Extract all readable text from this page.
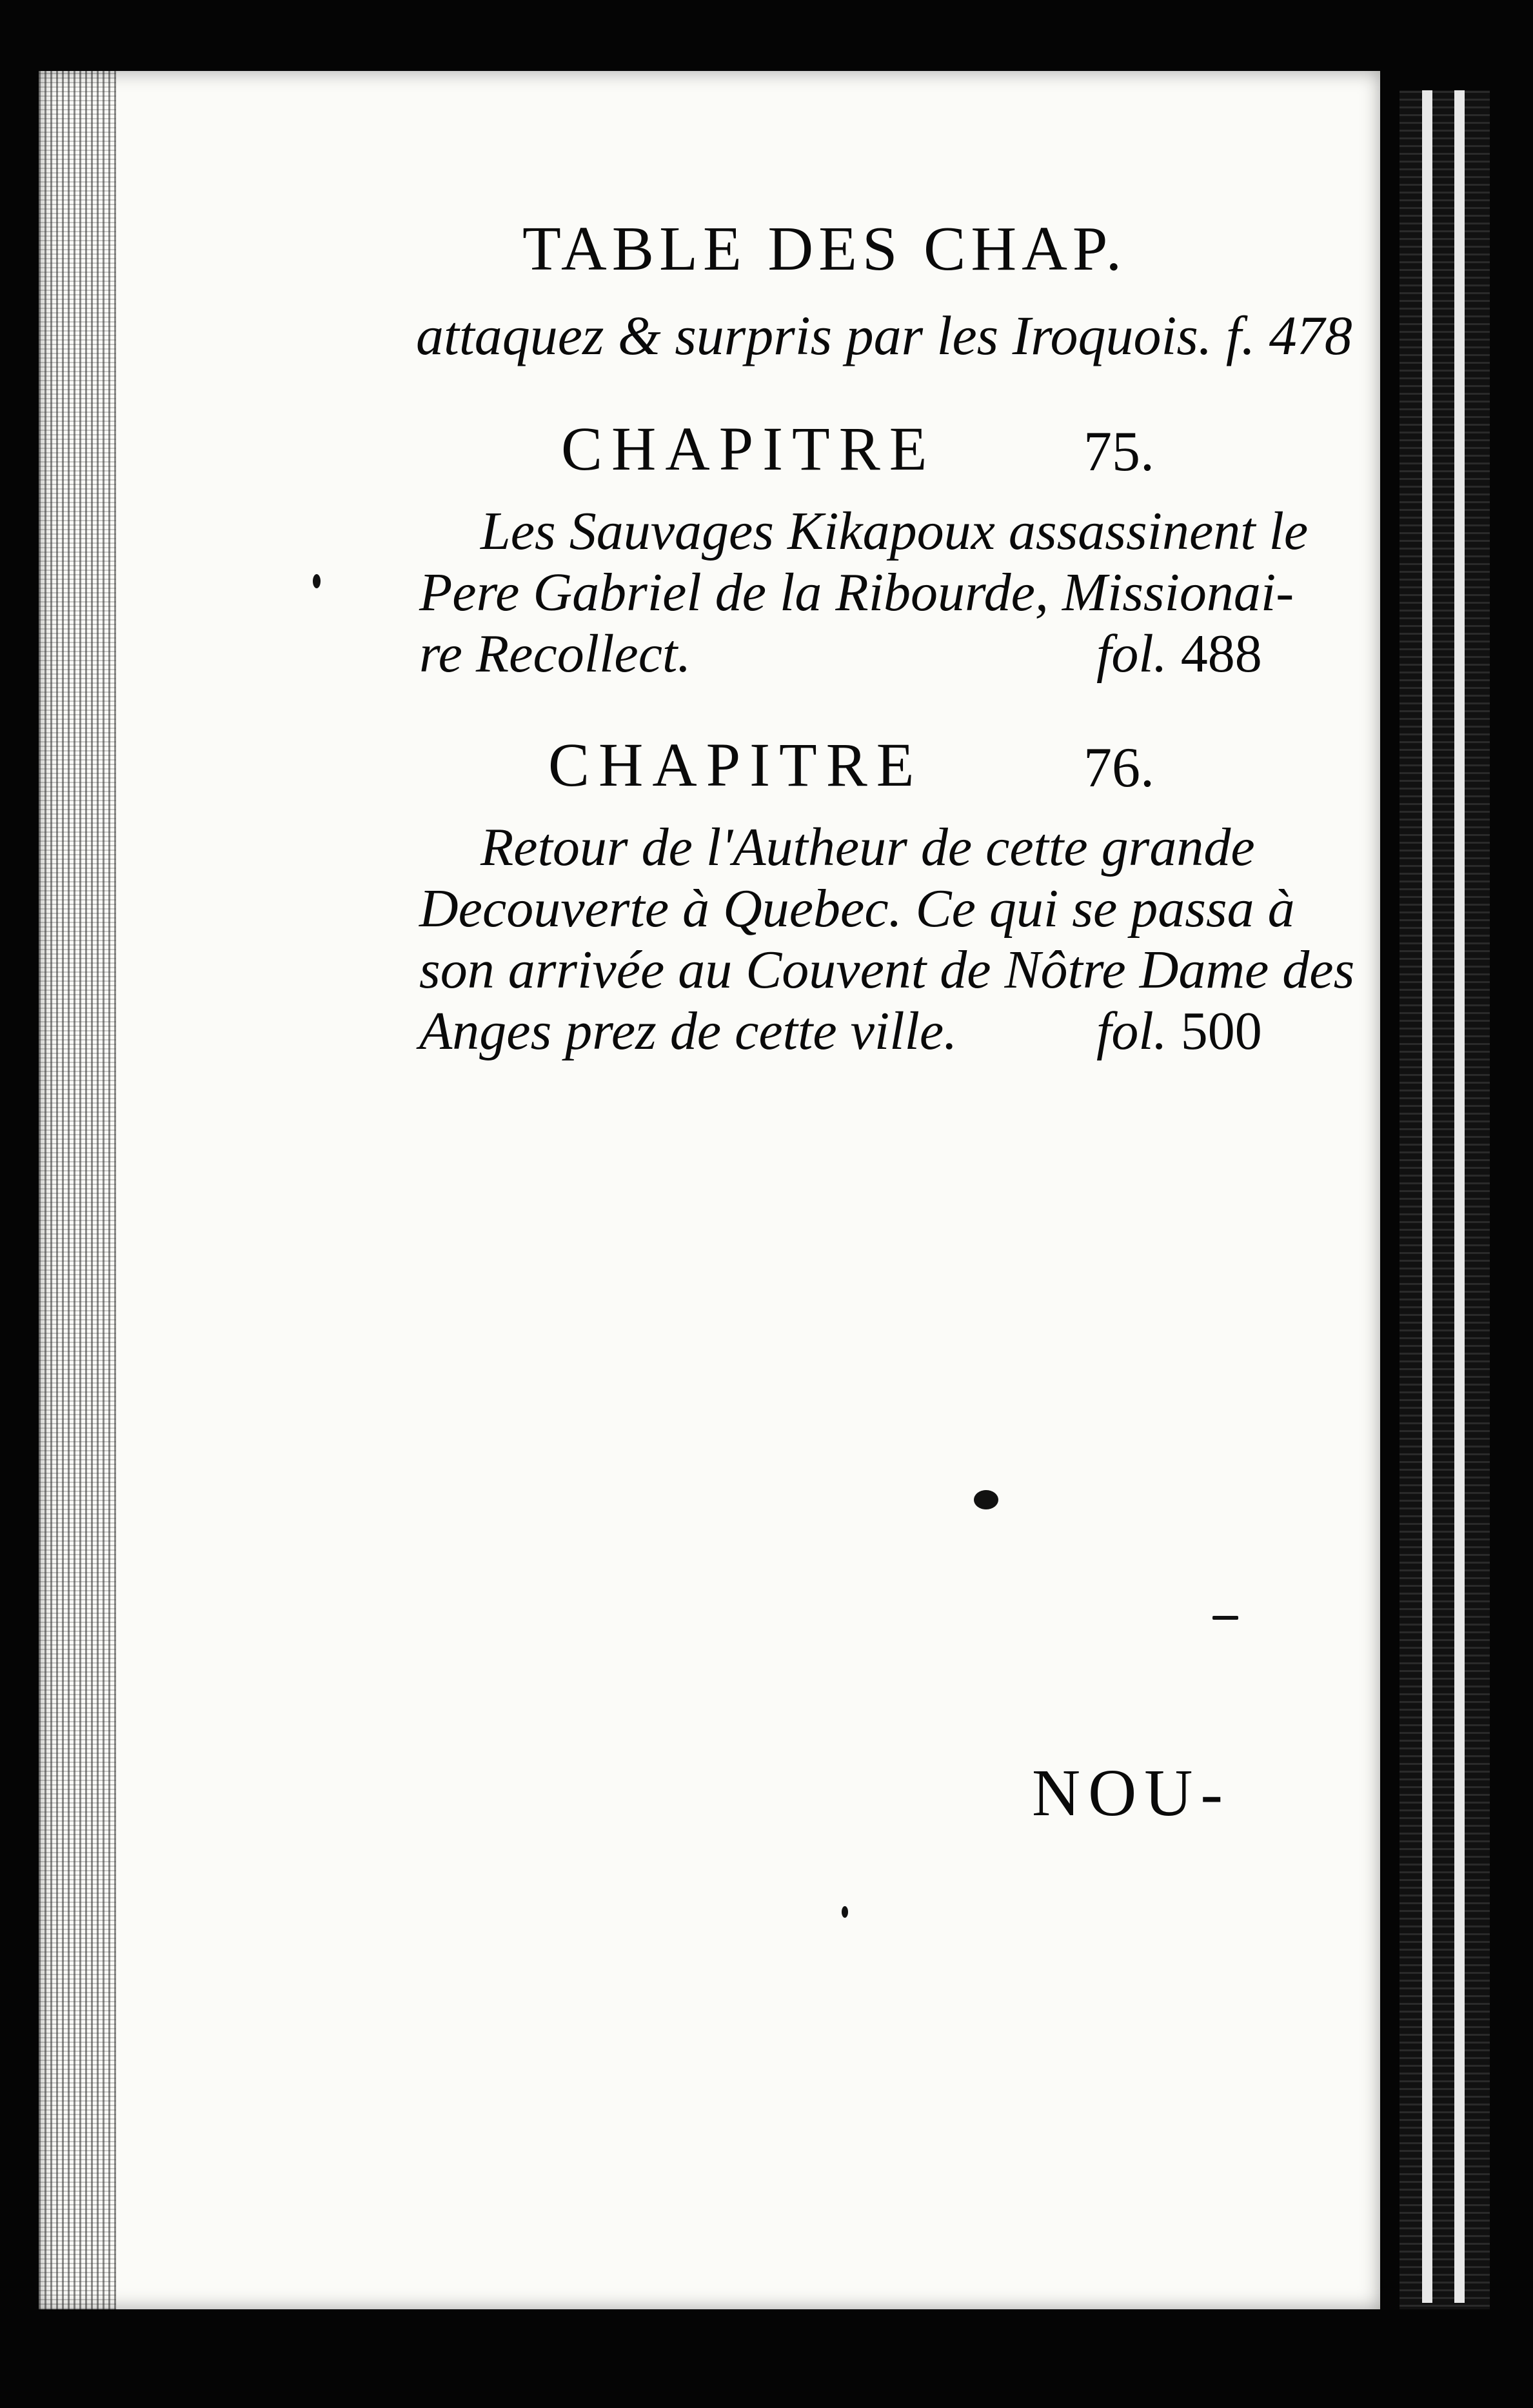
TABLE DES CHAP.
attaquez & surpris par les Iroquois. f. 478
CHAPITRE	75.
Les Sauvages Kikapoux assassinent le
Pere Gabriel de la Ribourde, Missionai-
re Recollect.	fol. 488
CHAPITRE	76.
Retour de l'Autheur de cette grande
Decouverte à Quebec. Ce qui se passa à
son arrivée au Couvent de Nôtre Dame des
Anges prez de cette ville.	fol. 500
NOU-
